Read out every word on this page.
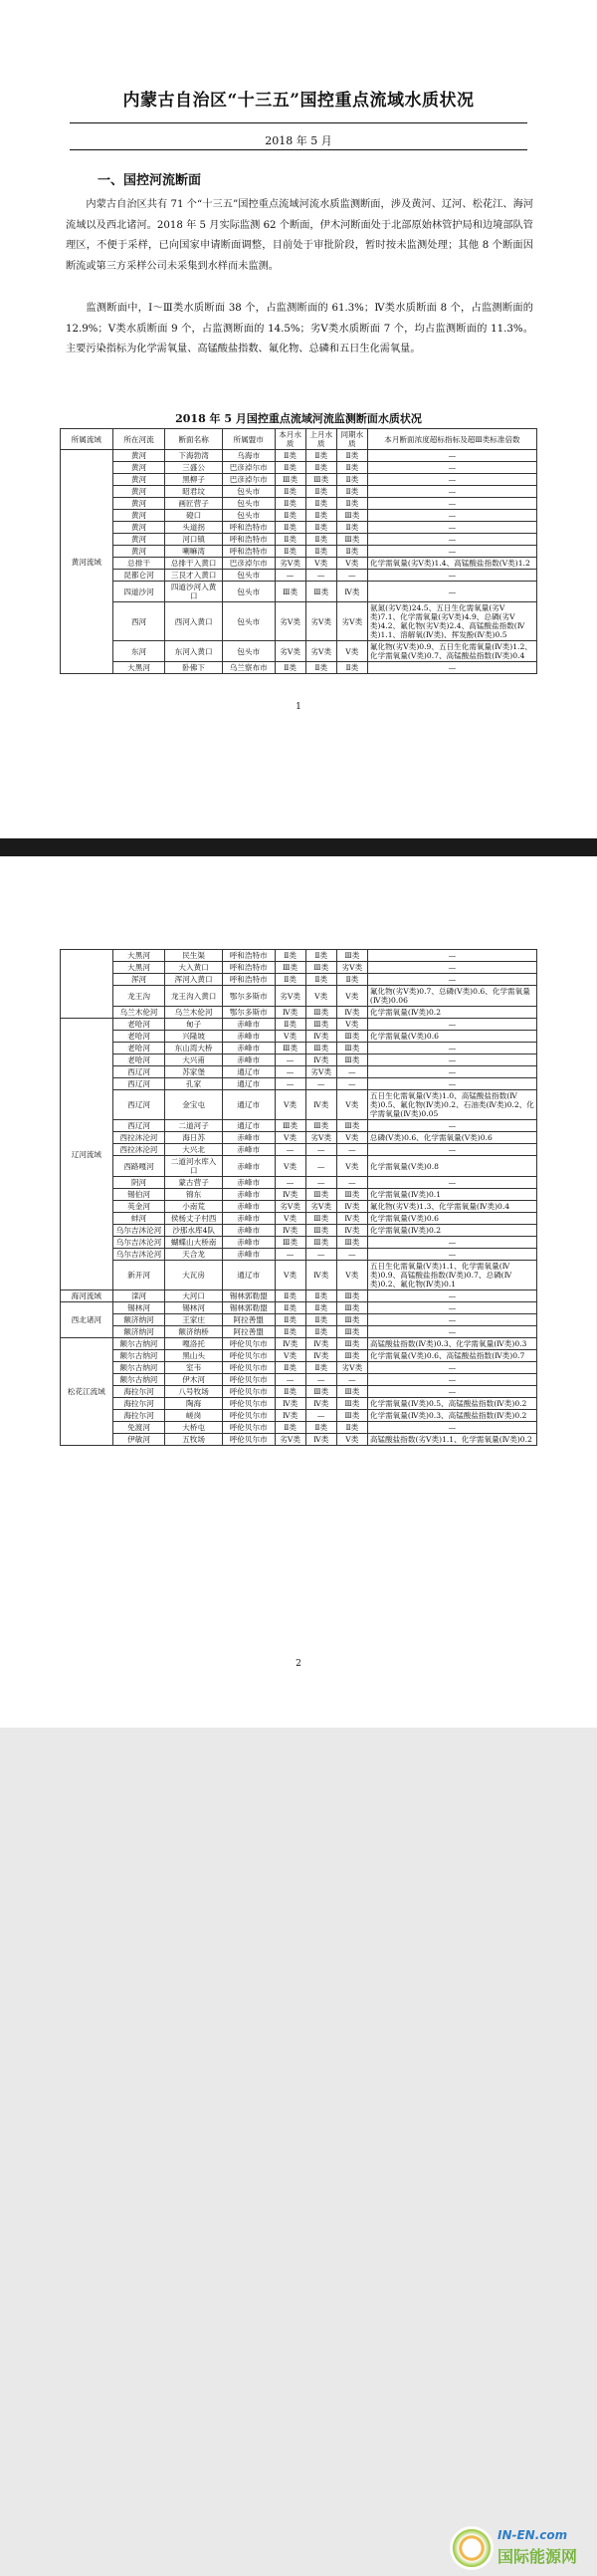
内蒙古自治区“十三五”国控重点流域水质状况
2018 年 5 月
一、国控河流断面
内蒙古自治区共有 71 个“十三五”国控重点流域河流水质监测断面，涉及黄河、辽河、松花江、海河流域以及西北诸河。2018 年 5 月实际监测 62 个断面，伊木河断面处于北部原始林管护局和边境部队管理区，不便于采样，已向国家申请断面调整，目前处于审批阶段，暂时按未监测处理；其他 8 个断面因断流或第三方采样公司未采集到水样而未监测。
监测断面中，Ⅰ～Ⅲ类水质断面 38 个，占监测断面的 61.3%；Ⅳ类水质断面 8 个，占监测断面的 12.9%；Ⅴ类水质断面 9 个，占监测断面的 14.5%；劣Ⅴ类水质断面 7 个，均占监测断面的 11.3%。主要污染指标为化学需氧量、高锰酸盐指数、氟化物、总磷和五日生化需氧量。
2018 年 5 月国控重点流域河流监测断面水质状况
所属流域	所在河流	断面名称	所属盟市	本月水质	上月水质	同期水质	本月断面浓度超标指标及超Ⅲ类标准倍数
黄河流域	黄河	下海勃湾	乌海市	Ⅱ类	Ⅱ类	Ⅱ类	—
	黄河	三盛公	巴彦淖尔市	Ⅱ类	Ⅱ类	Ⅱ类	—
	黄河	黑柳子	巴彦淖尔市	Ⅲ类	Ⅲ类	Ⅱ类	—
	黄河	昭君坟	包头市	Ⅱ类	Ⅱ类	Ⅱ类	—
	黄河	画匠营子	包头市	Ⅱ类	Ⅱ类	Ⅱ类	—
	黄河	磴口	包头市	Ⅱ类	Ⅱ类	Ⅲ类	—
	黄河	头道拐	呼和浩特市	Ⅱ类	Ⅱ类	Ⅱ类	—
	黄河	河口镇	呼和浩特市	Ⅱ类	Ⅱ类	Ⅲ类	—
	黄河	喇嘛湾	呼和浩特市	Ⅱ类	Ⅱ类	Ⅱ类	—
	总排干	总排干入黄口	巴彦淖尔市	劣Ⅴ类	Ⅴ类	Ⅴ类	化学需氧量(劣Ⅴ类)1.4、高锰酸盐指数(Ⅴ类)1.2
	昆都仑河	三艮才入黄口	包头市	—	—	—	—
	四道沙河	四道沙河入黄口	包头市	Ⅲ类	Ⅲ类	Ⅳ类	—
	西河	西河入黄口	包头市	劣Ⅴ类	劣Ⅴ类	劣Ⅴ类	氨氮(劣Ⅴ类)24.5、五日生化需氧量(劣Ⅴ类)7.1、化学需氧量(劣Ⅴ类)4.9、总磷(劣Ⅴ类)4.2、氟化物(劣Ⅴ类)2.4、高锰酸盐指数(Ⅳ类)1.1、溶解氧(Ⅳ类)、挥发酚(Ⅳ类)0.5
	东河	东河入黄口	包头市	劣Ⅴ类	劣Ⅴ类	Ⅴ类	氟化物(劣Ⅴ类)0.9、五日生化需氧量(Ⅳ类)1.2、化学需氧量(Ⅴ类)0.7、高锰酸盐指数(Ⅳ类)0.4
	大黑河	卧佛下	乌兰察布市	Ⅱ类	Ⅱ类	Ⅱ类	—
1
	大黑河	民生渠	呼和浩特市	Ⅱ类	Ⅱ类	Ⅲ类	—
	大黑河	大入黄口	呼和浩特市	Ⅲ类	Ⅲ类	劣Ⅴ类	—
	浑河	浑河入黄口	呼和浩特市	Ⅱ类	Ⅱ类	Ⅱ类	—
	龙王沟	龙王沟入黄口	鄂尔多斯市	劣Ⅴ类	Ⅴ类	Ⅴ类	氟化物(劣Ⅴ类)0.7、总磷(Ⅴ类)0.6、化学需氧量(Ⅳ类)0.06
	乌兰木伦河	乌兰木伦河	鄂尔多斯市	Ⅳ类	Ⅲ类	Ⅳ类	化学需氧量(Ⅳ类)0.2
辽河流域	老哈河	甸子	赤峰市	Ⅱ类	Ⅲ类	Ⅴ类	—
	老哈河	兴隆坡	赤峰市	Ⅴ类	Ⅳ类	Ⅲ类	化学需氧量(Ⅴ类)0.6
	老哈河	东山湾大桥	赤峰市	Ⅲ类	Ⅲ类	Ⅲ类	—
	老哈河	大兴甫	赤峰市	—	Ⅳ类	Ⅲ类	—
	西辽河	苏家堡	通辽市	—	劣Ⅴ类	—	—
	西辽河	孔家	通辽市	—	—	—	—
	西辽河	金宝屯	通辽市	Ⅴ类	Ⅳ类	Ⅴ类	五日生化需氧量(Ⅴ类)1.0、高锰酸盐指数(Ⅳ类)0.5、氟化物(Ⅳ类)0.2、石油类(Ⅳ类)0.2、化学需氧量(Ⅳ类)0.05
	西辽河	二道河子	通辽市	Ⅲ类	Ⅲ类	Ⅲ类	—
	西拉沐沦河	海日苏	赤峰市	Ⅴ类	劣Ⅴ类	Ⅴ类	总磷(Ⅴ类)0.6、化学需氧量(Ⅴ类)0.6
	西拉沐沦河	大兴北	赤峰市	—	—	—	—
	西路嘎河	二道河水库入口	赤峰市	Ⅴ类	—	Ⅴ类	化学需氧量(Ⅴ类)0.8
	阴河	蒙古营子	赤峰市	—	—	—	—
	锡伯河	锦东	赤峰市	Ⅳ类	Ⅲ类	Ⅲ类	化学需氧量(Ⅳ类)0.1
	英金河	小南荒	赤峰市	劣Ⅴ类	劣Ⅴ类	Ⅳ类	氟化物(劣Ⅴ类)1.3、化学需氧量(Ⅳ类)0.4
	蚌河	侯杨丈子村西	赤峰市	Ⅴ类	Ⅲ类	Ⅳ类	化学需氧量(Ⅴ类)0.6
	乌尔吉沐沦河	沙那水库4队	赤峰市	Ⅳ类	Ⅲ类	Ⅳ类	化学需氧量(Ⅳ类)0.2
	乌尔吉沐沦河	蝴蝶山大桥南	赤峰市	Ⅲ类	Ⅲ类	Ⅲ类	—
	乌尔吉沐沦河	天合龙	赤峰市	—	—	—	—
	新开河	大瓦房	通辽市	Ⅴ类	Ⅳ类	Ⅴ类	五日生化需氧量(Ⅴ类)1.1、化学需氧量(Ⅳ类)0.9、高锰酸盐指数(Ⅳ类)0.7、总磷(Ⅳ类)0.2、氟化物(Ⅳ类)0.1
海河流域	滦河	大河口	锡林郭勒盟	Ⅱ类	Ⅱ类	Ⅲ类	—
西北诸河	锡林河	锡林河	锡林郭勒盟	Ⅱ类	Ⅱ类	Ⅲ类	—
	额济纳河	王家庄	阿拉善盟	Ⅱ类	Ⅱ类	Ⅲ类	—
	额济纳河	额济纳桥	阿拉善盟	Ⅱ类	Ⅱ类	Ⅲ类	—
松花江流域	额尔古纳河	嘎洛托	呼伦贝尔市	Ⅳ类	Ⅳ类	Ⅲ类	高锰酸盐指数(Ⅳ类)0.3、化学需氧量(Ⅳ类)0.3
	额尔古纳河	黑山头	呼伦贝尔市	Ⅴ类	Ⅳ类	Ⅲ类	化学需氧量(Ⅴ类)0.6、高锰酸盐指数(Ⅳ类)0.7
	额尔古纳河	室韦	呼伦贝尔市	Ⅱ类	Ⅱ类	劣Ⅴ类	—
	额尔古纳河	伊木河	呼伦贝尔市	—	—	—	—
	海拉尔河	八号牧场	呼伦贝尔市	Ⅱ类	Ⅲ类	Ⅲ类	—
	海拉尔河	陶海	呼伦贝尔市	Ⅳ类	Ⅳ类	Ⅲ类	化学需氧量(Ⅳ类)0.5、高锰酸盐指数(Ⅳ类)0.2
	海拉尔河	嵯岗	呼伦贝尔市	Ⅳ类	—	Ⅲ类	化学需氧量(Ⅳ类)0.3、高锰酸盐指数(Ⅳ类)0.2
	免渡河	大桥屯	呼伦贝尔市	Ⅱ类	Ⅱ类	Ⅱ类	—
	伊敏河	五牧场	呼伦贝尔市	劣Ⅴ类	Ⅳ类	Ⅴ类	高锰酸盐指数(劣Ⅴ类)1.1、化学需氧量(Ⅳ类)0.2
2
IN-EN.com
国际能源网
